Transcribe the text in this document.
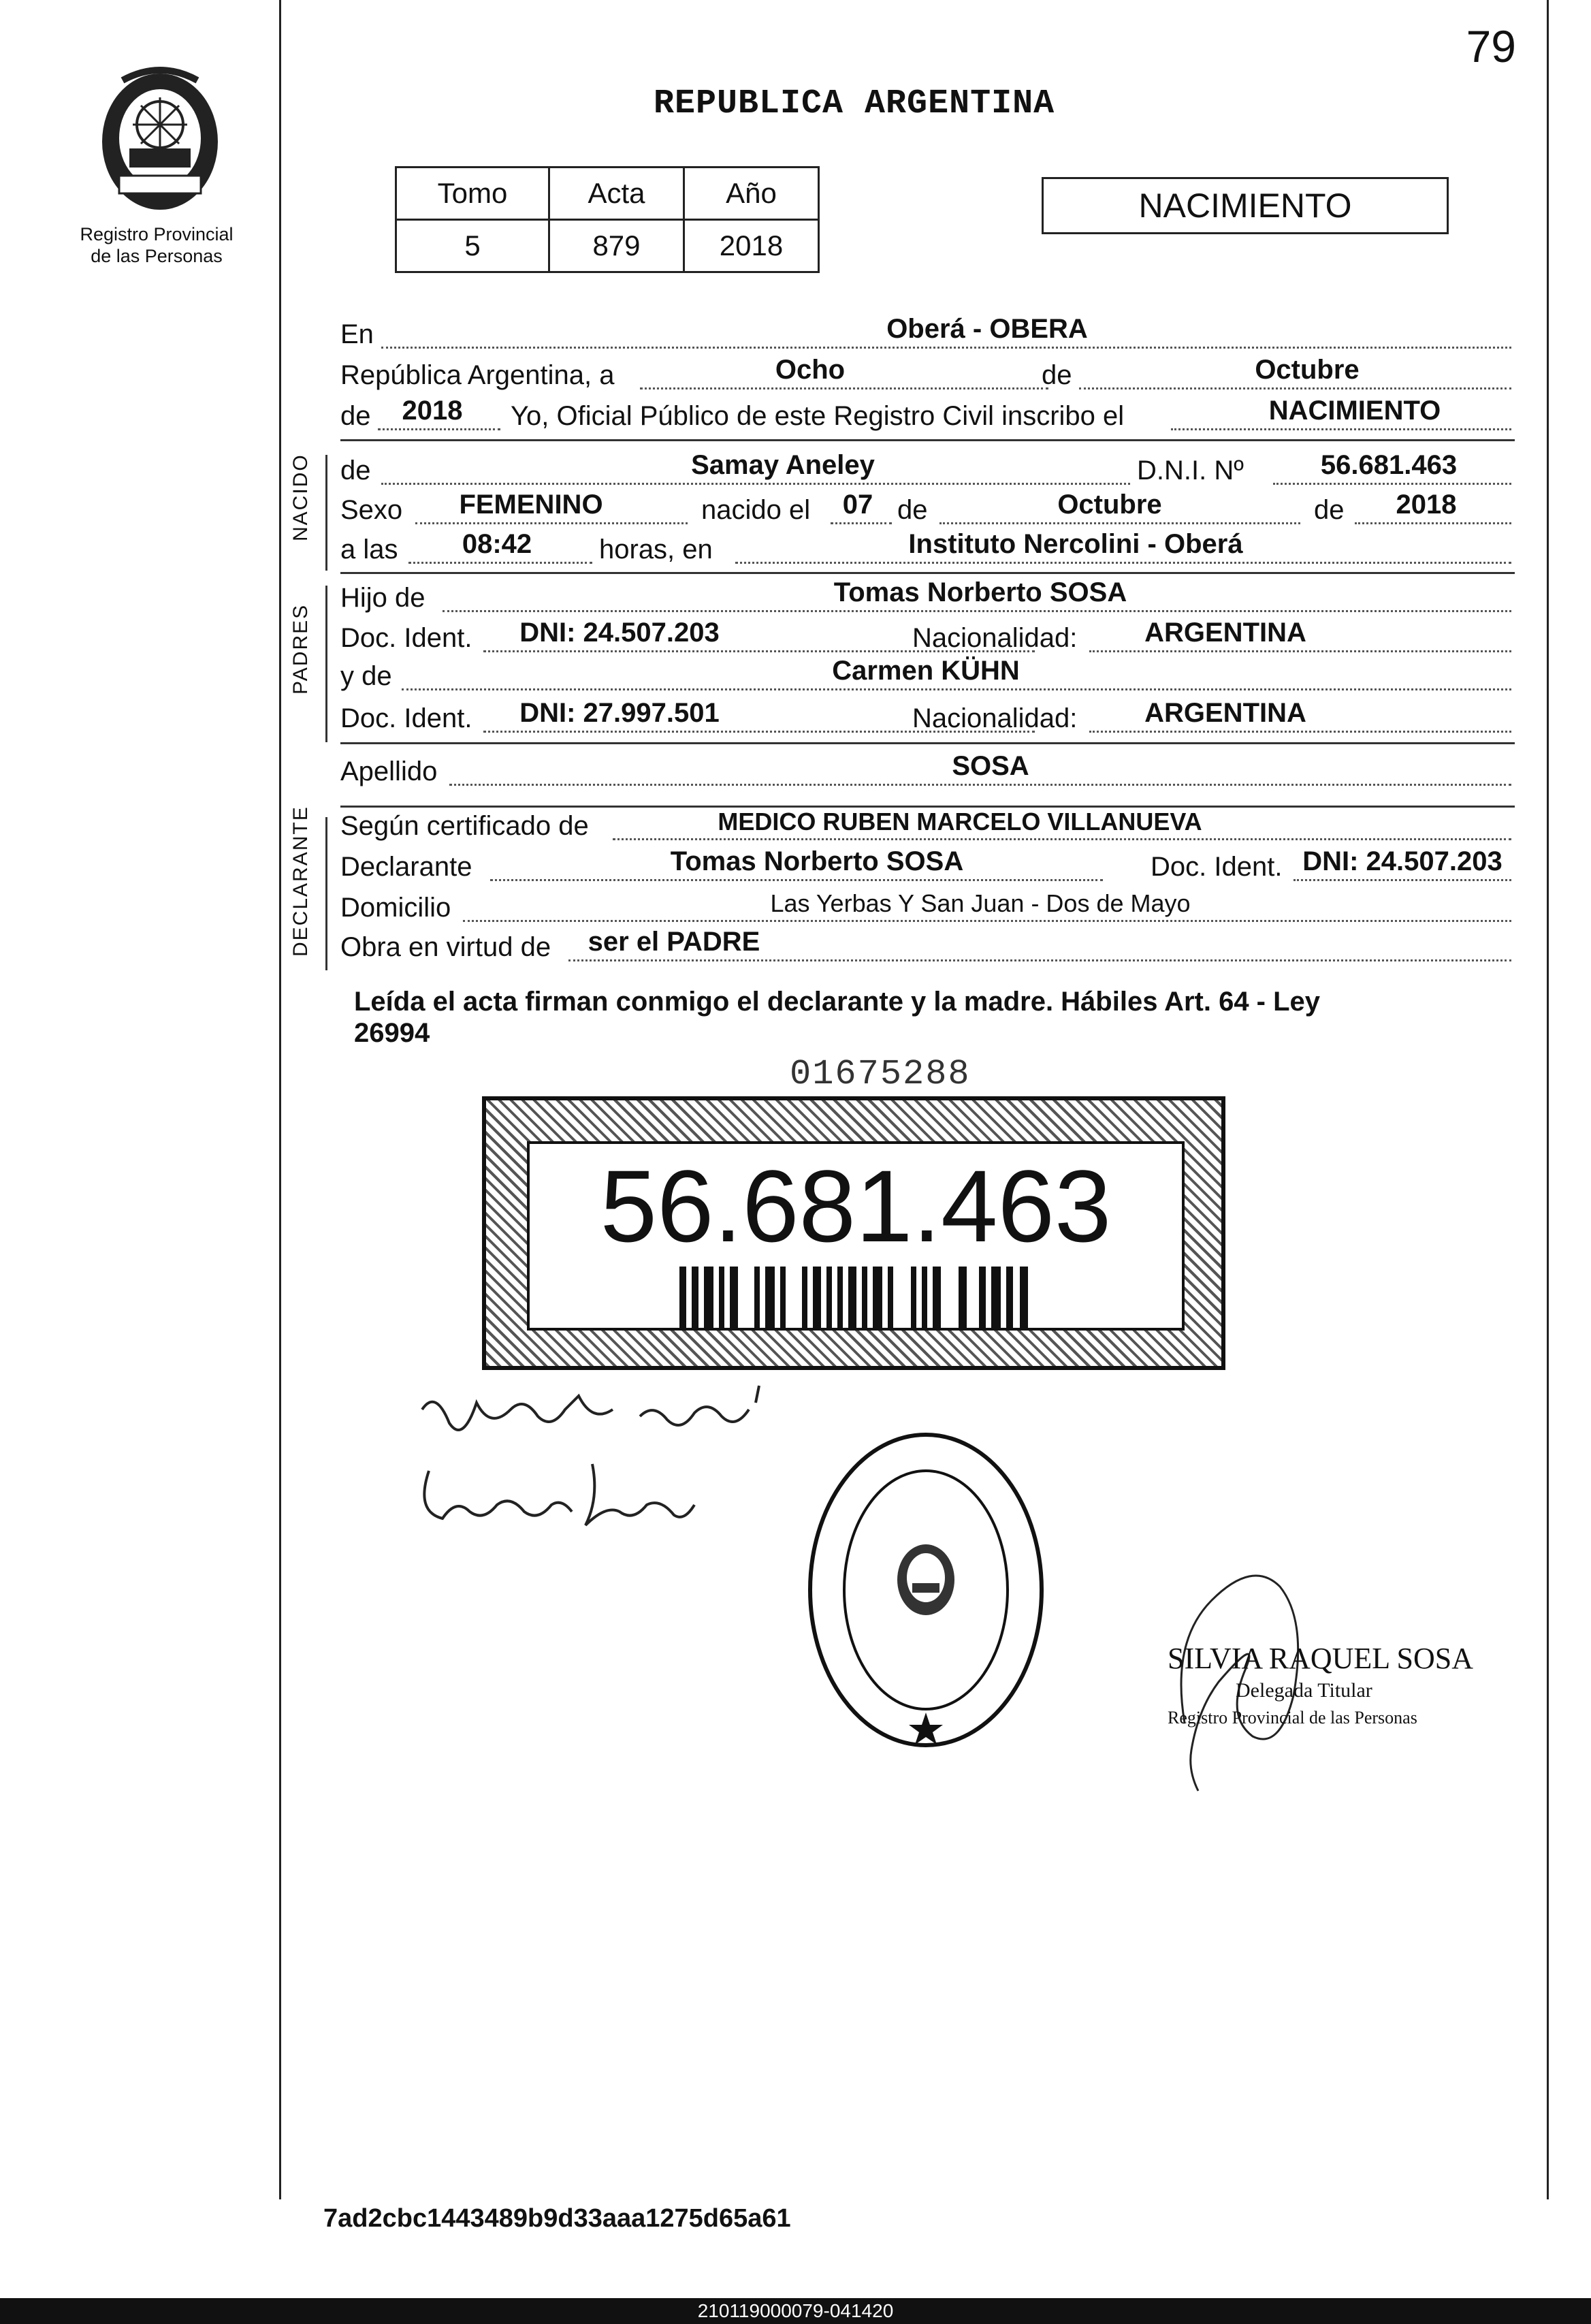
79
REPUBLICA ARGENTINA
Registro Provincial
de las Personas
Tomo	Acta	Año
5	879	2018
NACIMIENTO
En	Oberá - OBERA
República Argentina, a	Ocho	de	Octubre
de	2018	Yo, Oficial Público de este Registro Civil inscribo el	NACIMIENTO
NACIDO de	Samay Aneley	D.N.I. Nº	56.681.463
Sexo	FEMENINO	nacido el	07 de	Octubre	de	2018
a las	08:42	horas, en	Instituto Nercolini - Oberá
PADRES
Hijo de	Tomas Norberto SOSA
Doc. Ident.	DNI: 24.507.203	Nacionalidad:	ARGENTINA
y de	Carmen KÜHN
Doc. Ident.	DNI: 27.997.501	Nacionalidad:	ARGENTINA
Apellido	SOSA
DECLARANTE Según certificado de	MEDICO RUBEN MARCELO VILLANUEVA
Declarante	Tomas Norberto SOSA	Doc. Ident. DNI: 24.507.203
Domicilio	Las Yerbas Y San Juan - Dos de Mayo
Obra en virtud de	ser el PADRE
Leída el acta firman conmigo el declarante y la madre. Hábiles Art. 64 - Ley
26994
01675288
56.681.463
SILVIA RAQUEL SOSA
Delegada Titular
Registro Provincial de las Personas
7ad2cbc1443489b9d33aaa1275d65a61
210119000079-041420
